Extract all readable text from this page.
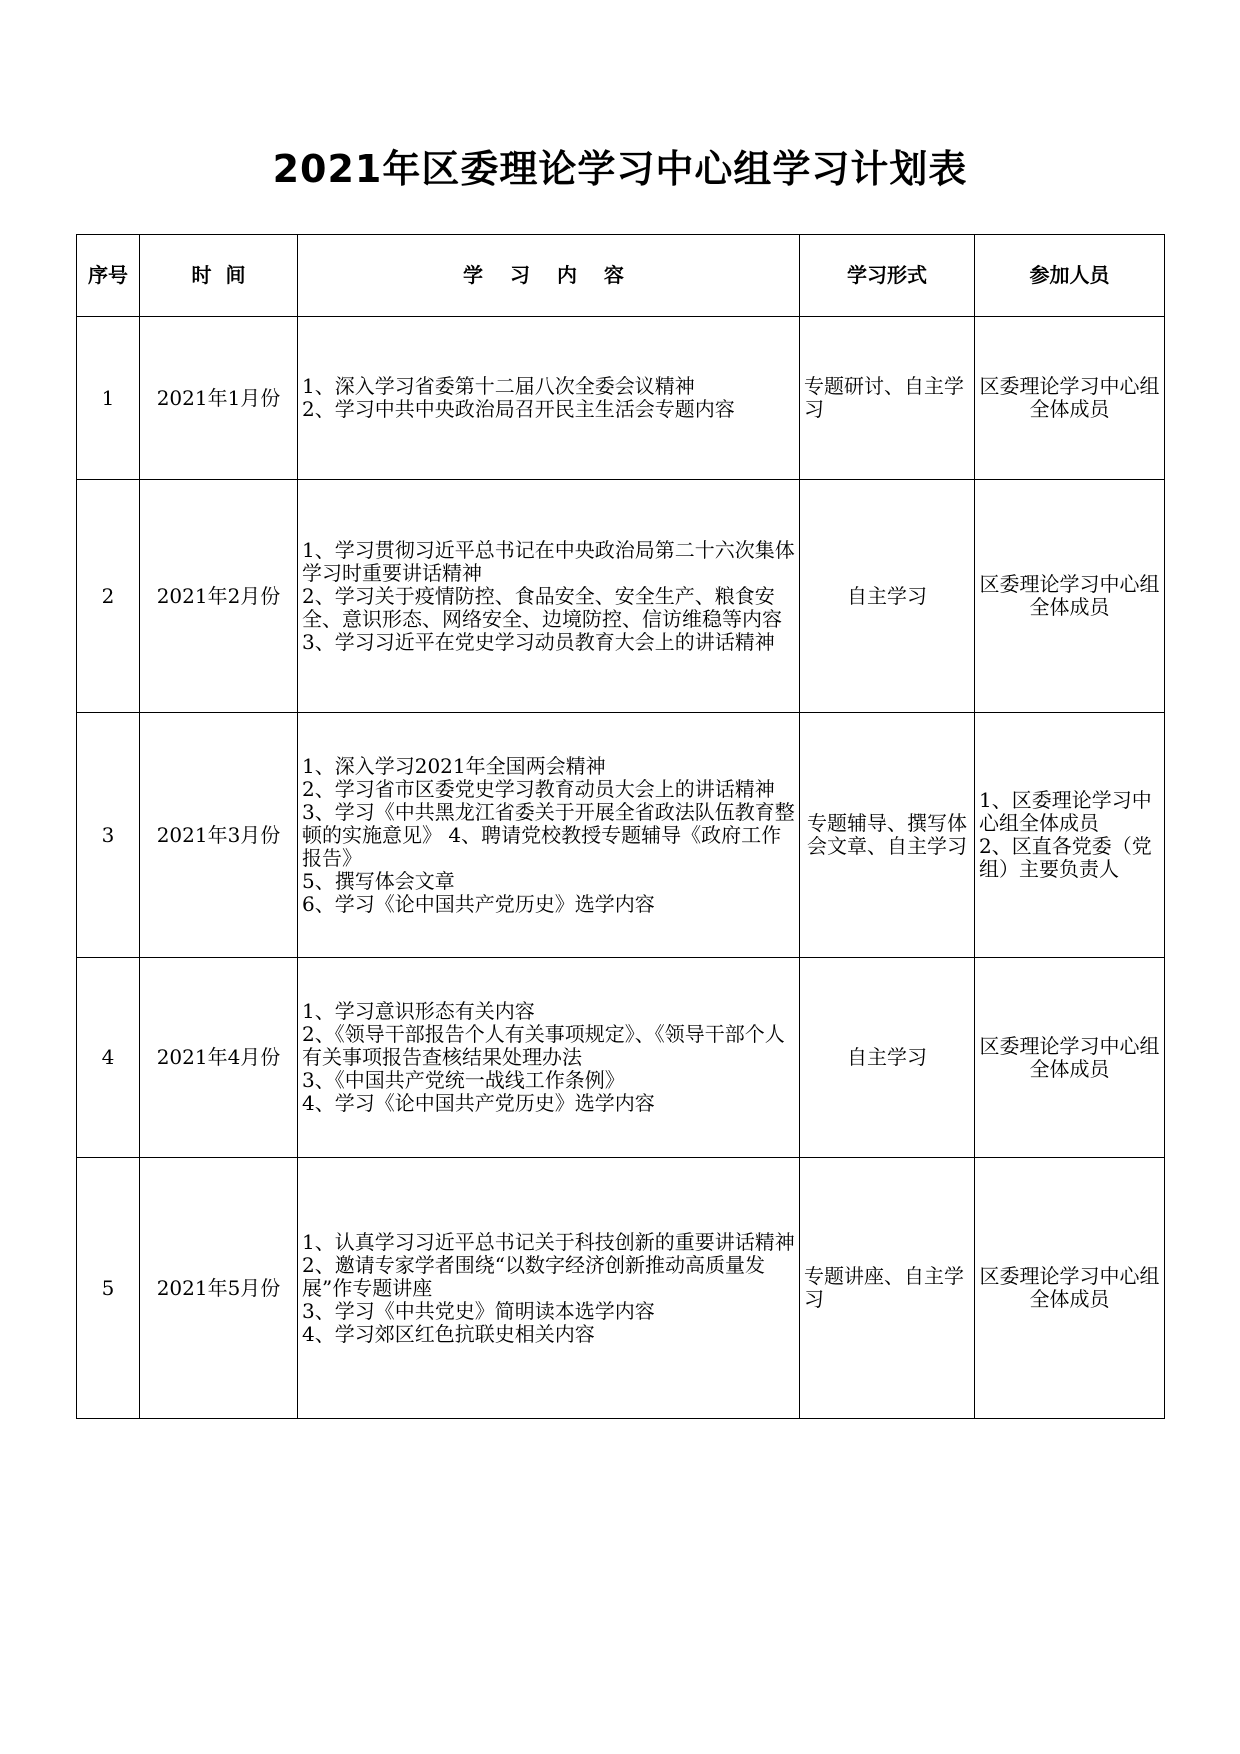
2021年区委理论学习中心组学习计划表
序号	时  间	学 习 内 容	学习形式	参加人员
1	2021年1月份	1、深入学习省委第十二届八次全委会议精神
2、学习中共中央政治局召开民主生活会专题内容	专题研讨、自主学习	区委理论学习中心组全体成员
2	2021年2月份	1、学习贯彻习近平总书记在中央政治局第二十六次集体学习时重要讲话精神
2、学习关于疫情防控、食品安全、安全生产、粮食安全、意识形态、网络安全、边境防控、信访维稳等内容
3、学习习近平在党史学习动员教育大会上的讲话精神	自主学习	区委理论学习中心组全体成员
3	2021年3月份	1、深入学习2021年全国两会精神
2、学习省市区委党史学习教育动员大会上的讲话精神3、学习《中共黑龙江省委关于开展全省政法队伍教育整顿的实施意见》 4、聘请党校教授专题辅导《政府工作报告》
5、撰写体会文章
6、学习《论中国共产党历史》选学内容	专题辅导、撰写体会文章、自主学习	1、区委理论学习中心组全体成员
2、区直各党委（党组）主要负责人
4	2021年4月份	1、学习意识形态有关内容
2、《领导干部报告个人有关事项规定》、《领导干部个人有关事项报告查核结果处理办法
3、《中国共产党统一战线工作条例》
4、学习《论中国共产党历史》选学内容	自主学习	区委理论学习中心组全体成员
5	2021年5月份	1、认真学习习近平总书记关于科技创新的重要讲话精神
2、邀请专家学者围绕“以数字经济创新推动高质量发展”作专题讲座
3、学习《中共党史》简明读本选学内容
4、学习郊区红色抗联史相关内容	专题讲座、自主学习	区委理论学习中心组全体成员
